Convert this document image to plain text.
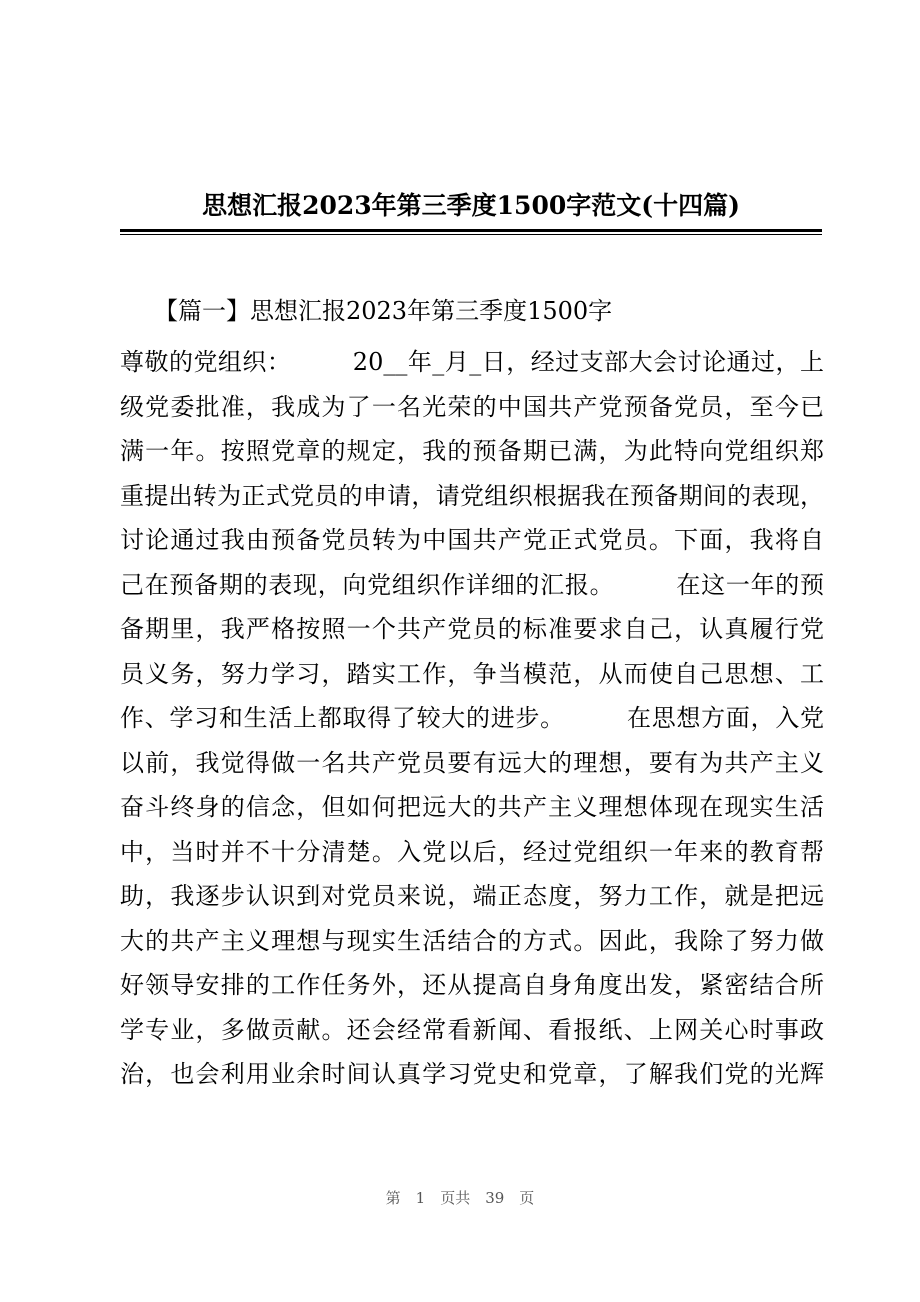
思想汇报2023年第三季度1500字范文(十四篇)
【篇一】思想汇报2023年第三季度1500字
尊敬的党组织：　　　20__年_月_日，经过支部大会讨论通过，上
级党委批准，我成为了一名光荣的中国共产党预备党员，至今已
满一年。按照党章的规定，我的预备期已满，为此特向党组织郑
重提出转为正式党员的申请，请党组织根据我在预备期间的表现，
讨论通过我由预备党员转为中国共产党正式党员。下面，我将自
己在预备期的表现，向党组织作详细的汇报。　　　在这一年的预
备期里，我严格按照一个共产党员的标准要求自己，认真履行党
员义务，努力学习，踏实工作，争当模范，从而使自己思想、工
作、学习和生活上都取得了较大的进步。　　　在思想方面，入党
以前，我觉得做一名共产党员要有远大的理想，要有为共产主义
奋斗终身的信念，但如何把远大的共产主义理想体现在现实生活
中，当时并不十分清楚。入党以后，经过党组织一年来的教育帮
助，我逐步认识到对党员来说，端正态度，努力工作，就是把远
大的共产主义理想与现实生活结合的方式。因此，我除了努力做
好领导安排的工作任务外，还从提高自身角度出发，紧密结合所
学专业，多做贡献。还会经常看新闻、看报纸、上网关心时事政
治，也会利用业余时间认真学习党史和党章，了解我们党的光辉
第　1　页共　39　页
